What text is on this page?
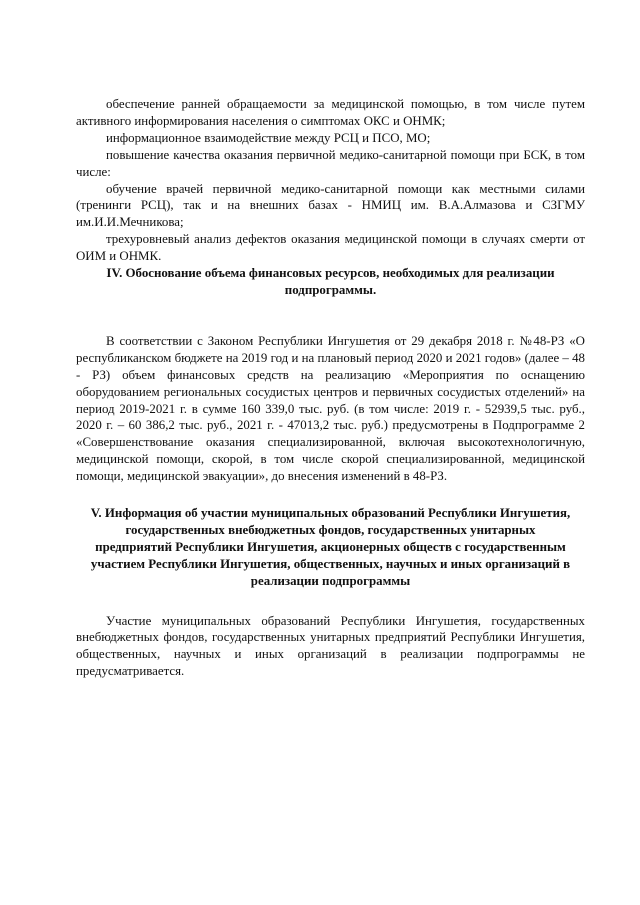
обеспечение ранней обращаемости за медицинской помощью, в том числе путем активного информирования населения о симптомах ОКС и ОНМК;

информационное взаимодействие между РСЦ и ПСО, МО;

повышение качества оказания первичной медико-санитарной помощи при БСК, в том числе:

обучение врачей первичной медико-санитарной помощи как местными силами (тренинги РСЦ), так и на внешних базах - НМИЦ им. В.А.Алмазова и СЗГМУ им.И.И.Мечникова;

трехуровневый анализ дефектов оказания медицинской помощи в случаях смерти от ОИМ и ОНМК.

IV. Обоснование объема финансовых ресурсов, необходимых для реализации подпрограммы.

В соответствии с Законом Республики Ингушетия от 29 декабря 2018 г. №48-РЗ «О республиканском бюджете на 2019 год и на плановый период 2020 и 2021 годов» (далее – 48 - РЗ) объем финансовых средств на реализацию «Мероприятия по оснащению оборудованием региональных сосудистых центров и первичных сосудистых отделений» на период 2019-2021 г. в сумме 160 339,0 тыс. руб. (в том числе: 2019 г. - 52939,5 тыс. руб., 2020 г. – 60 386,2 тыс. руб., 2021 г. - 47013,2 тыс. руб.) предусмотрены в Подпрограмме 2 «Совершенствование оказания специализированной, включая высокотехнологичную, медицинской помощи, скорой, в том числе скорой специализированной, медицинской помощи, медицинской эвакуации», до внесения изменений в 48-РЗ.

V. Информация об участии муниципальных образований Республики Ингушетия, государственных внебюджетных фондов, государственных унитарных предприятий Республики Ингушетия, акционерных обществ с государственным участием Республики Ингушетия, общественных, научных и иных организаций в реализации подпрограммы

Участие муниципальных образований Республики Ингушетия, государственных внебюджетных фондов, государственных унитарных предприятий Республики Ингушетия, общественных, научных и иных организаций в реализации подпрограммы не предусматривается.
